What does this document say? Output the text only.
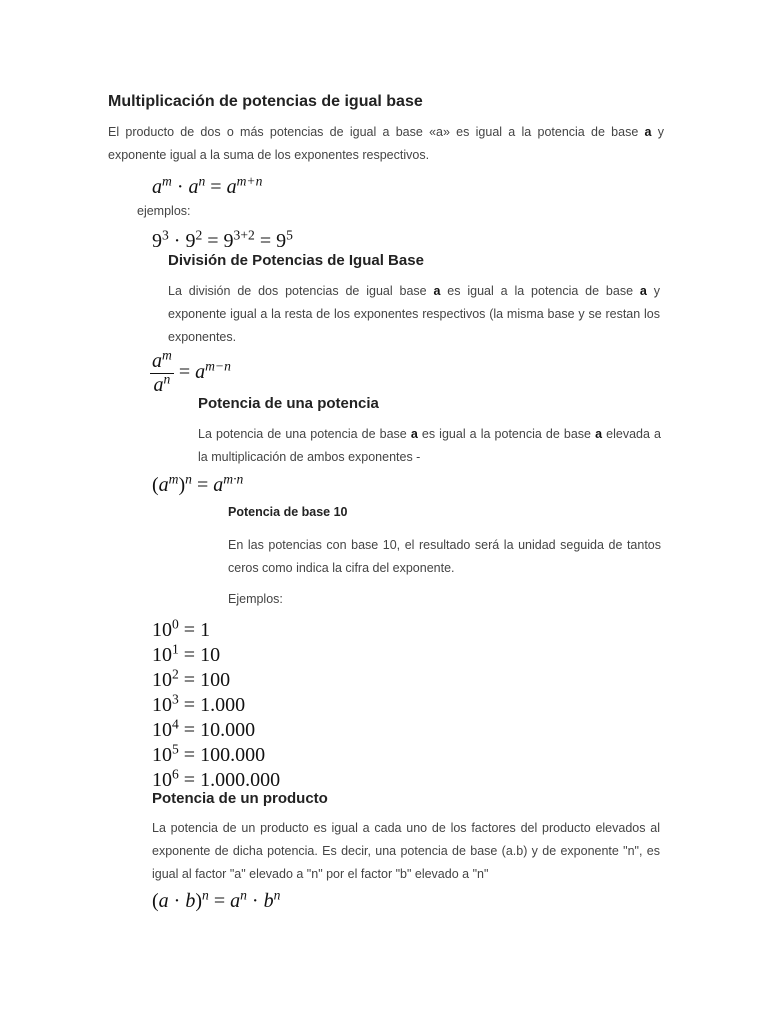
Multiplicación de potencias de igual base
El producto de dos o más potencias de igual a base «a» es igual a la potencia de base a y exponente igual a la suma de los exponentes respectivos.
$a^m \cdot a^n = a^{m+n}$
ejemplos:
$9^3 \cdot 9^2 = 9^{3+2} = 9^5$
División de Potencias de Igual Base
La división de dos potencias de igual base a es igual a la potencia de base a y exponente igual a la resta de los exponentes respectivos (la misma base y se restan los exponentes.
$\frac{a^m}{a^n} = a^{m-n}$
Potencia de una potencia
La potencia de una potencia de base a es igual a la potencia de base a elevada a la multiplicación de ambos exponentes -
$(a^m)^n = a^{m\cdot n}$
Potencia de base 10
En las potencias con base 10, el resultado será la unidad seguida de tantos ceros como indica la cifra del exponente.
Ejemplos:
$10^0 = 1$
$10^1 = 10$
$10^2 = 100$
$10^3 = 1.000$
$10^4 = 10.000$
$10^5 = 100.000$
$10^6 = 1.000.000$
Potencia de un producto
La potencia de un producto es igual a cada uno de los factores del producto elevados al exponente de dicha potencia. Es decir, una potencia de base (a.b) y de exponente "n", es igual al factor "a" elevado a "n" por el factor "b" elevado a "n"
$(a \cdot b)^n = a^n \cdot b^n$
